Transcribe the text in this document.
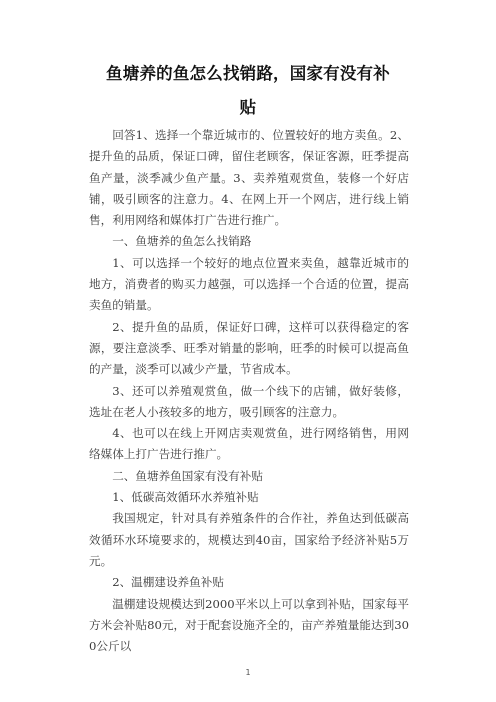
鱼塘养的鱼怎么找销路，国家有没有补贴

回答1、选择一个靠近城市的、位置较好的地方卖鱼。2、提升鱼的品质，保证口碑，留住老顾客，保证客源，旺季提高鱼产量，淡季减少鱼产量。3、卖养殖观赏鱼，装修一个好店铺，吸引顾客的注意力。4、在网上开一个网店，进行线上销售，利用网络和媒体打广告进行推广。

一、鱼塘养的鱼怎么找销路

1、可以选择一个较好的地点位置来卖鱼，越靠近城市的地方，消费者的购买力越强，可以选择一个合适的位置，提高卖鱼的销量。

2、提升鱼的品质，保证好口碑，这样可以获得稳定的客源，要注意淡季、旺季对销量的影响，旺季的时候可以提高鱼的产量，淡季可以减少产量，节省成本。

3、还可以养殖观赏鱼，做一个线下的店铺，做好装修，选址在老人小孩较多的地方，吸引顾客的注意力。

4、也可以在线上开网店卖观赏鱼，进行网络销售，用网络媒体上打广告进行推广。

二、鱼塘养鱼国家有没有补贴

1、低碳高效循环水养殖补贴

我国规定，针对具有养殖条件的合作社，养鱼达到低碳高效循环水环境要求的，规模达到40亩，国家给予经济补贴5万元。

2、温棚建设养鱼补贴

温棚建设规模达到2000平米以上可以拿到补贴，国家每平方米会补贴80元，对于配套设施齐全的，亩产养殖量能达到300公斤以

1
